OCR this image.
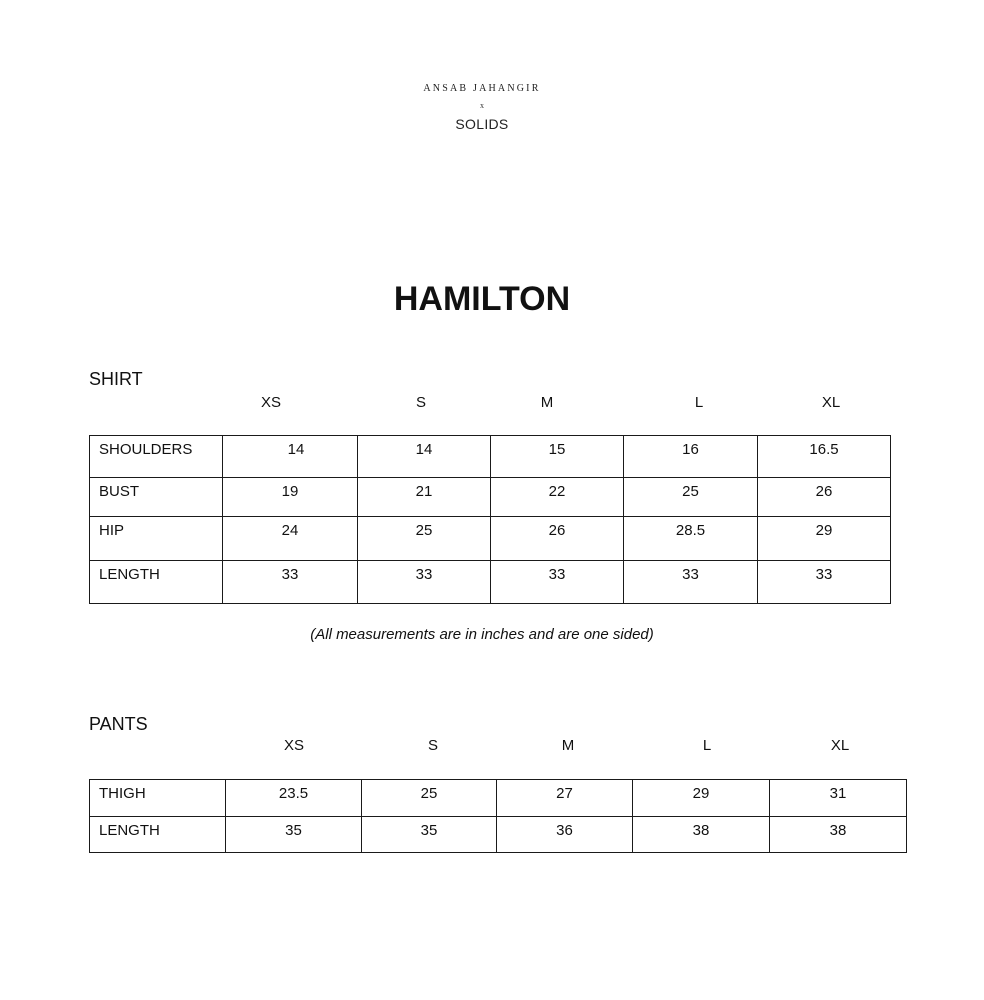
ANSAB JAHANGIR
x
SOLIDS
HAMILTON
SHIRT
XS	S	M	L	XL
SHOULDERS	14	14	15	16	16.5
BUST	19	21	22	25	26
HIP	24	25	26	28.5	29
LENGTH	33	33	33	33	33
(All measurements are in inches and are one sided)
PANTS
XS	S	M	L	XL
THIGH	23.5	25	27	29	31
LENGTH	35	35	36	38	38
